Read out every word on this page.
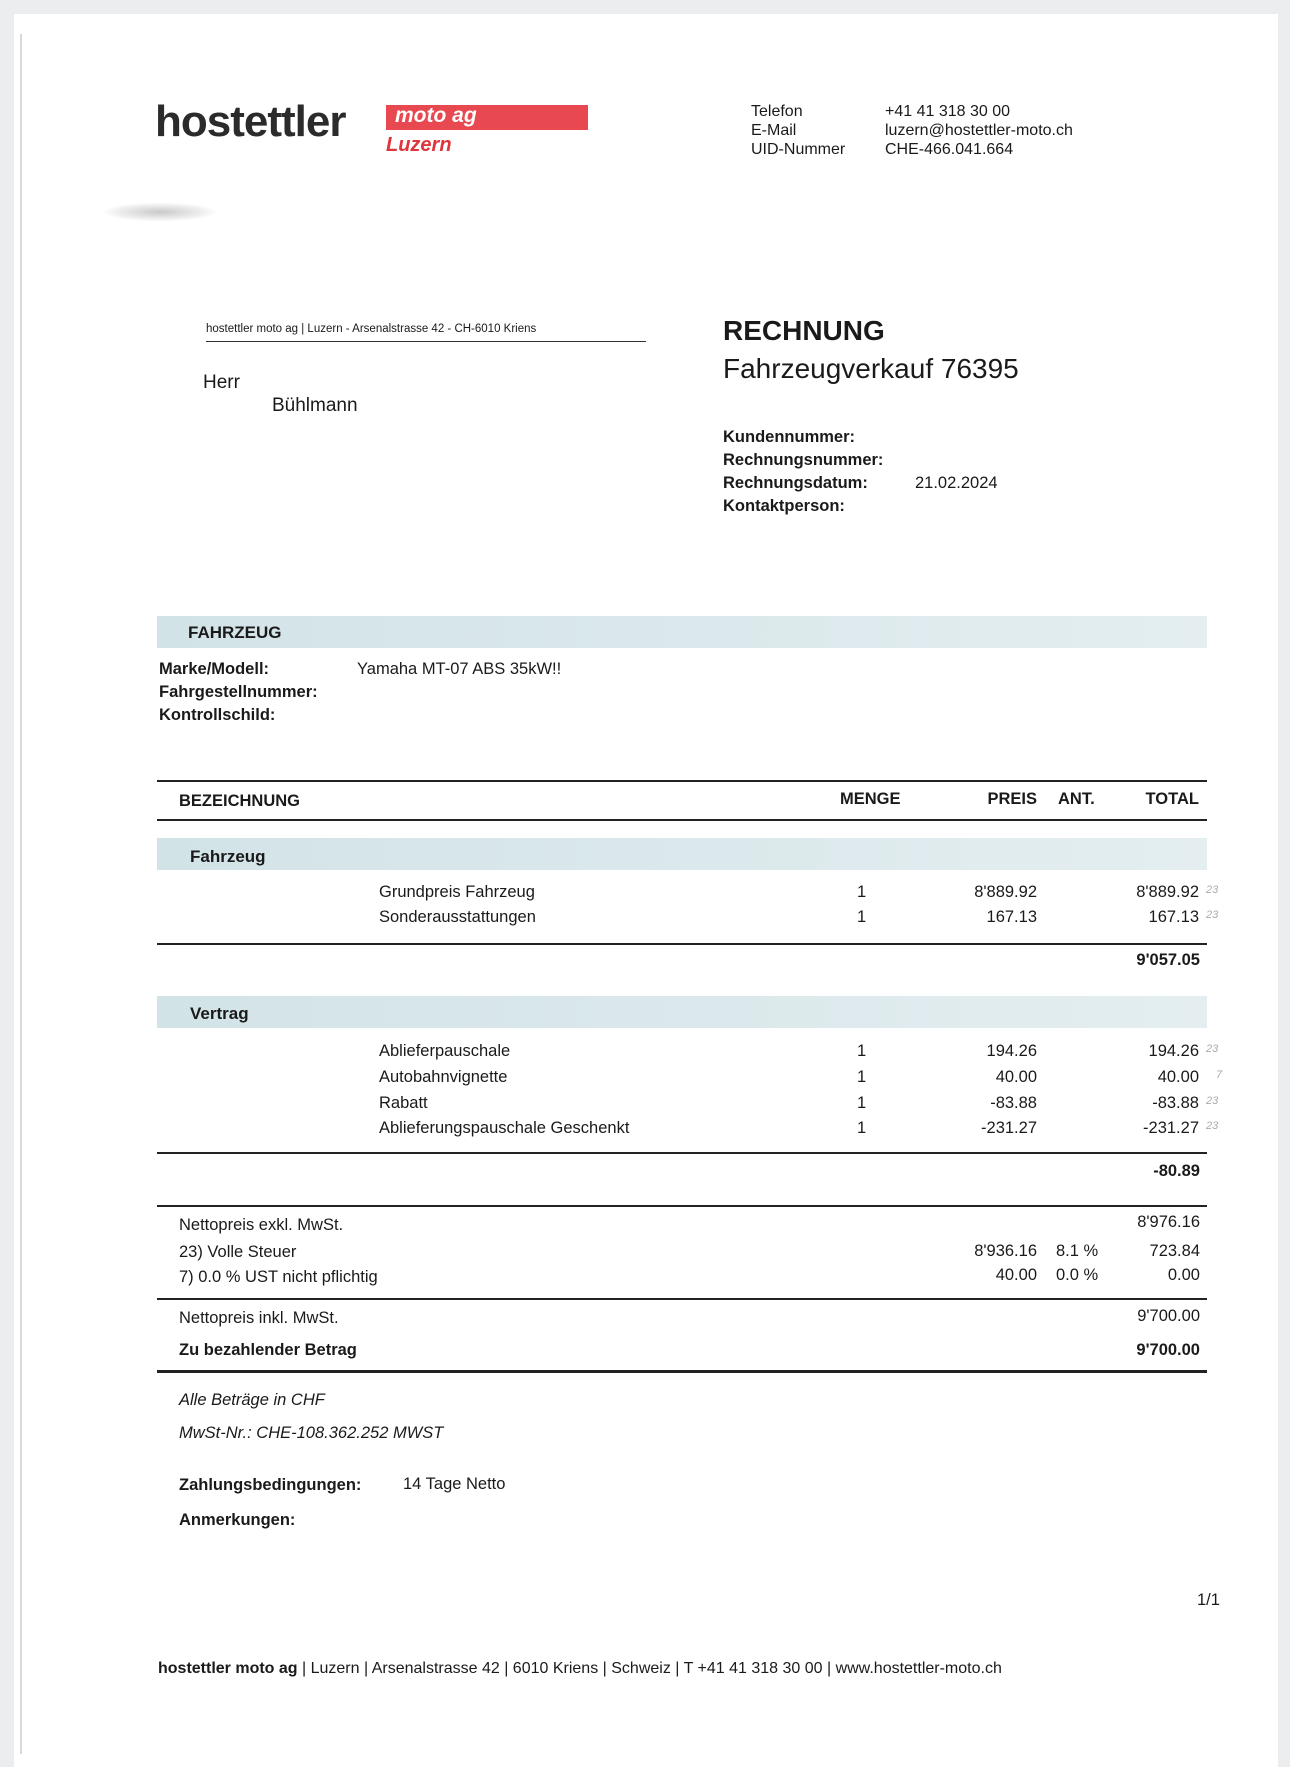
hostettler moto ag
Luzern
Telefon	+41 41 318 30 00
E-Mail	luzern@hostettler-moto.ch
UID-Nummer	CHE-466.041.664
hostettler moto ag | Luzern - Arsenalstrasse 42 - CH-6010 Kriens
Herr
Bühlmann
RECHNUNG
Fahrzeugverkauf 76395
Kundennummer:
Rechnungsnummer:
Rechnungsdatum:	21.02.2024
Kontaktperson:
FAHRZEUG
Marke/Modell:	Yamaha MT-07 ABS 35kW!!
Fahrgestellnummer:
Kontrollschild:
BEZEICHNUNG	MENGE	PREIS ANT.	TOTAL
Fahrzeug
Grundpreis Fahrzeug	1	8'889.92	8'889.92 23
Sonderausstattungen	1	167.13	167.13 23
9'057.05
Vertrag
Ablieferpauschale	1	194.26	194.26 23
Autobahnvignette	1	40.00	40.00 7
Rabatt	1	-83.88	-83.88 23
Ablieferungspauschale Geschenkt	1	-231.27	-231.27 23
-80.89
Nettopreis exkl. MwSt.	8'976.16
23) Volle Steuer	8'936.16 8.1 %	723.84
7) 0.0 % UST nicht pflichtig	40.00 0.0 %	0.00
Nettopreis inkl. MwSt.	9'700.00
Zu bezahlender Betrag	9'700.00
Alle Beträge in CHF
MwSt-Nr.: CHE-108.362.252 MWST
Zahlungsbedingungen:	14 Tage Netto
Anmerkungen:
1/1
hostettler moto ag | Luzern | Arsenalstrasse 42 | 6010 Kriens | Schweiz | T +41 41 318 30 00 | www.hostettler-moto.ch
